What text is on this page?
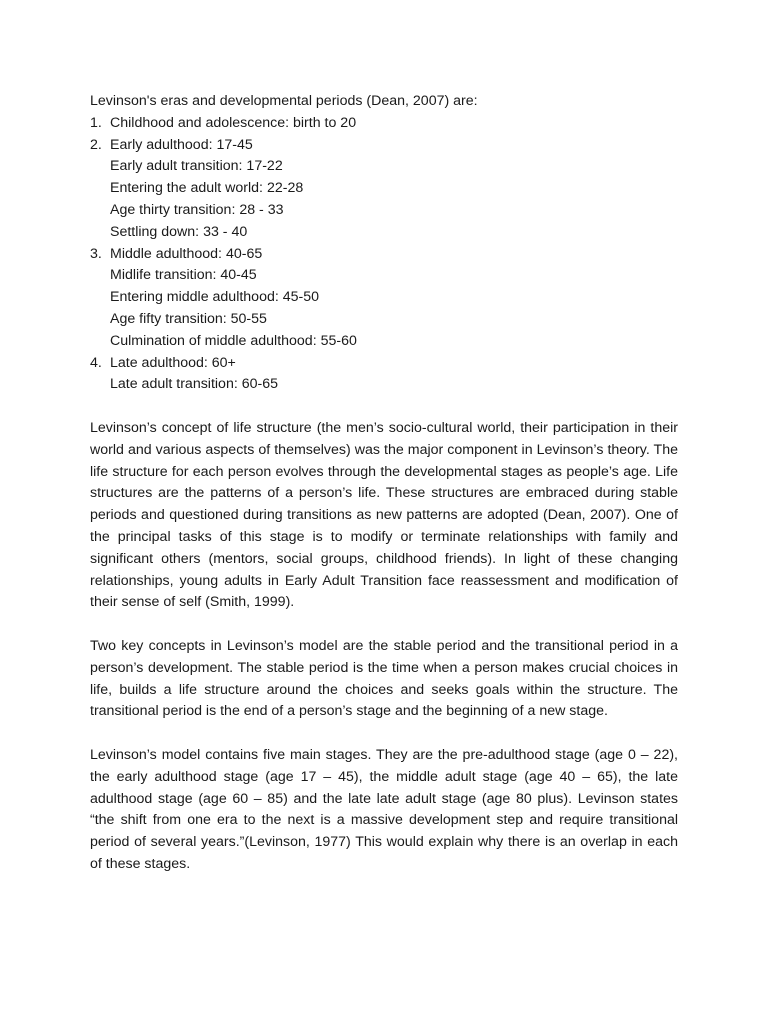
Levinson's eras and developmental periods (Dean, 2007) are:

1. Childhood and adolescence: birth to 20
2. Early adulthood: 17-45
Early adult transition: 17-22
Entering the adult world: 22-28
Age thirty transition: 28 - 33
Settling down: 33 - 40
3. Middle adulthood: 40-65
Midlife transition: 40-45
Entering middle adulthood: 45-50
Age fifty transition: 50-55
Culmination of middle adulthood: 55-60
4. Late adulthood: 60+
Late adult transition: 60-65

Levinson’s concept of life structure (the men’s socio-cultural world, their participation in their world and various aspects of themselves) was the major component in Levinson’s theory. The life structure for each person evolves through the developmental stages as people’s age. Life structures are the patterns of a person’s life. These structures are embraced during stable periods and questioned during transitions as new patterns are adopted (Dean, 2007). One of the principal tasks of this stage is to modify or terminate relationships with family and significant others (mentors, social groups, childhood friends). In light of these changing relationships, young adults in Early Adult Transition face reassessment and modification of their sense of self (Smith, 1999).

Two key concepts in Levinson’s model are the stable period and the transitional period in a person’s development. The stable period is the time when a person makes crucial choices in life, builds a life structure around the choices and seeks goals within the structure. The transitional period is the end of a person’s stage and the beginning of a new stage.

Levinson’s model contains five main stages. They are the pre-adulthood stage (age 0 – 22), the early adulthood stage (age 17 – 45), the middle adult stage (age 40 – 65), the late adulthood stage (age 60 – 85) and the late late adult stage (age 80 plus). Levinson states “the shift from one era to the next is a massive development step and require transitional period of several years.”(Levinson, 1977) This would explain why there is an overlap in each of these stages.
